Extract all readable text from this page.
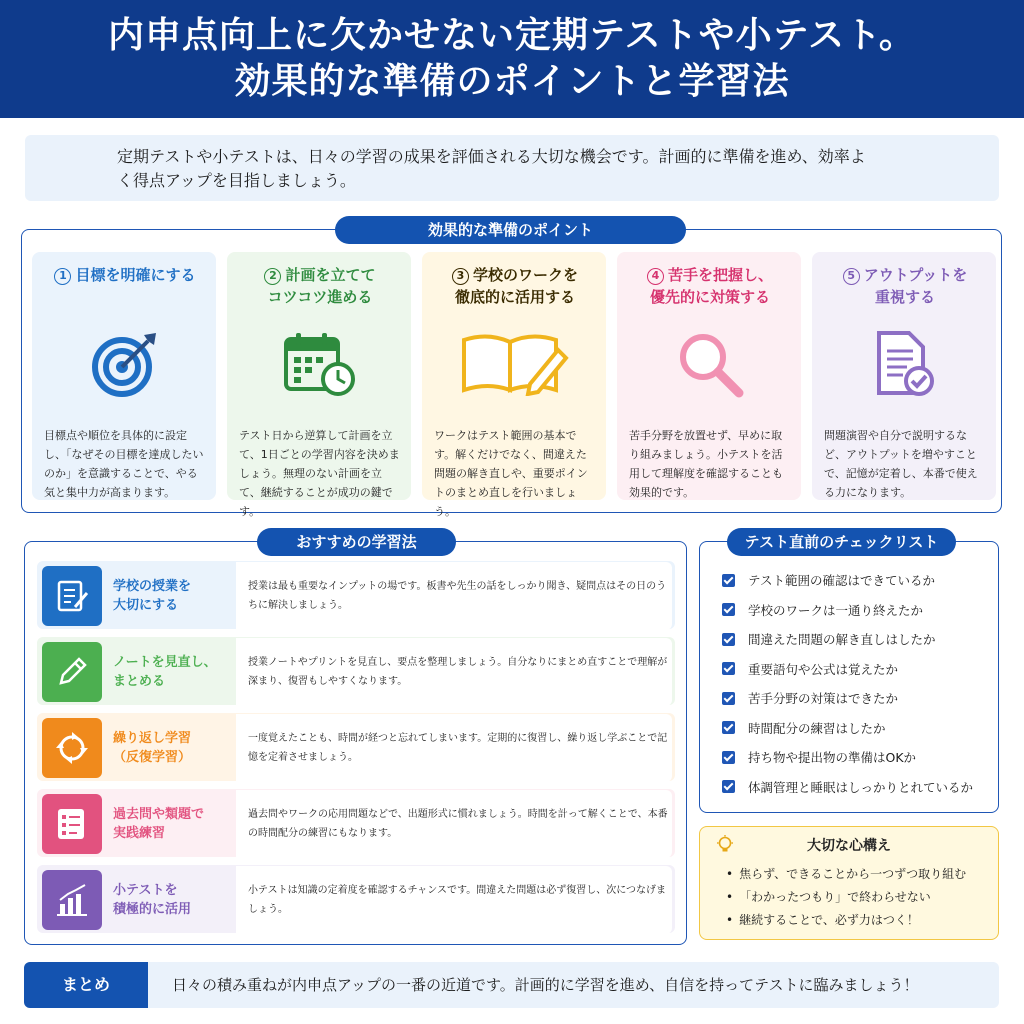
内申点向上に欠かせない定期テストや小テスト。
効果的な準備のポイントと学習法
定期テストや小テストは、日々の学習の成果を評価される大切な機会です。計画的に準備を進め、効率よ
く得点アップを目指しましょう。
1 目標を明確にする
目標点や順位を具体的に設定し、「なぜその目標を達成したいのか」を意識することで、やる気と集中力が高まります。
2 計画を立てて
コツコツ進める
テスト日から逆算して計画を立て、1日ごとの学習内容を決めましょう。無理のない計画を立て、継続することが成功の鍵です。
3 学校のワークを
徹底的に活用する
ワークはテスト範囲の基本です。解くだけでなく、間違えた問題の解き直しや、重要ポイントのまとめ直しを行いましょう。
4 苦手を把握し、
優先的に対策する
苦手分野を放置せず、早めに取り組みましょう。小テストを活用して理解度を確認することも効果的です。
5 アウトプットを
重視する
問題演習や自分で説明するなど、アウトプットを増やすことで、記憶が定着し、本番で使える力になります。
効果的な準備のポイント
学校の授業を
大切にする
授業は最も重要なインプットの場です。板書や先生の話をしっかり聞き、疑問点はその日のうちに解決しましょう。
ノートを見直し、
まとめる
授業ノートやプリントを見直し、要点を整理しましょう。自分なりにまとめ直すことで理解が深まり、復習もしやすくなります。
繰り返し学習
（反復学習）
一度覚えたことも、時間が経つと忘れてしまいます。定期的に復習し、繰り返し学ぶことで記憶を定着させましょう。
過去問や類題で
実践練習
過去問やワークの応用問題などで、出題形式に慣れましょう。時間を計って解くことで、本番の時間配分の練習にもなります。
小テストを
積極的に活用
小テストは知識の定着度を確認するチャンスです。間違えた問題は必ず復習し、次につなげましょう。
おすすめの学習法
テスト範囲の確認はできているか
学校のワークは一通り終えたか
間違えた問題の解き直しはしたか
重要語句や公式は覚えたか
苦手分野の対策はできたか
時間配分の練習はしたか
持ち物や提出物の準備はOKか
体調管理と睡眠はしっかりとれているか
テスト直前のチェックリスト
大切な心構え
• 焦らず、できることから一つずつ取り組む
• 「わかったつもり」で終わらせない
• 継続することで、必ず力はつく！
まとめ	日々の積み重ねが内申点アップの一番の近道です。計画的に学習を進め、自信を持ってテストに臨みましょう！
